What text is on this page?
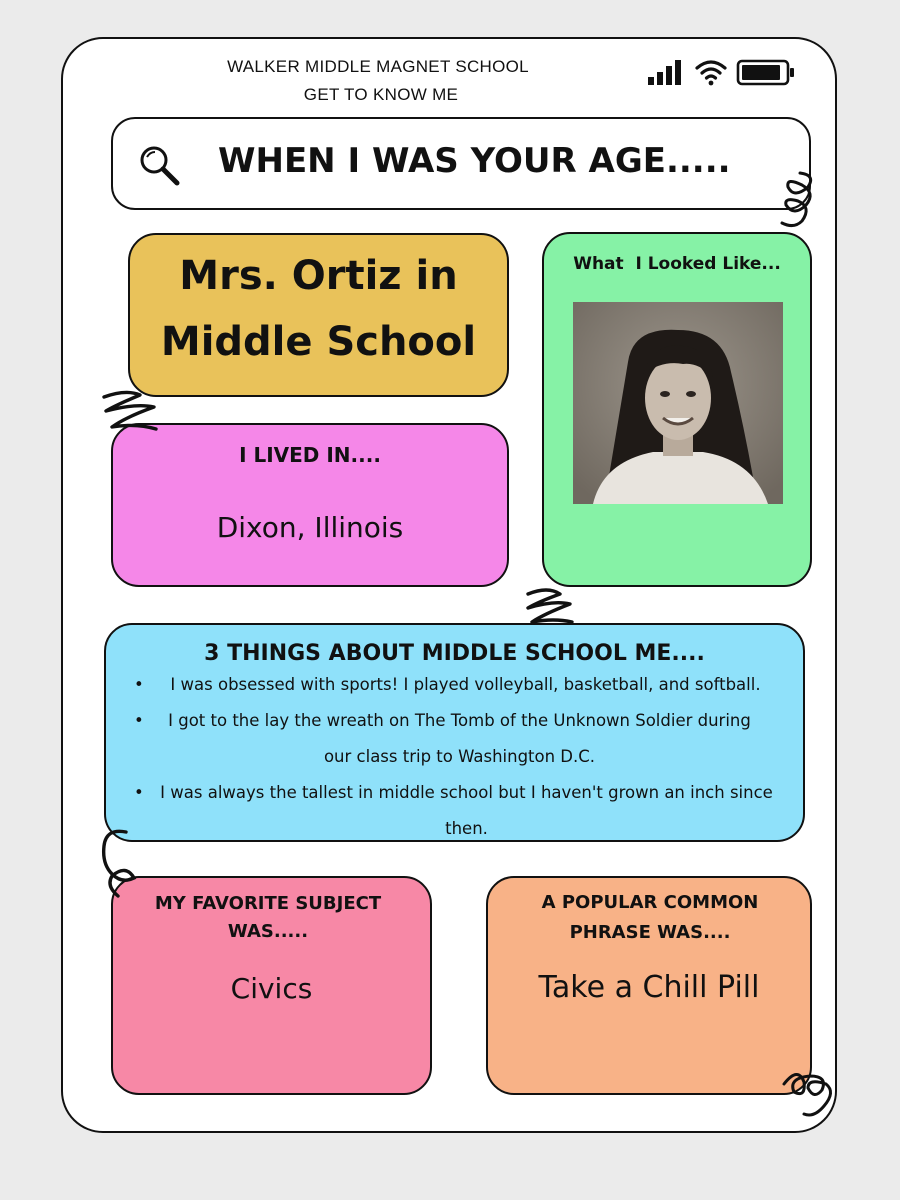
WALKER MIDDLE MAGNET SCHOOL
GET TO KNOW ME
WHEN I WAS YOUR AGE.....
Mrs. Ortiz in
Middle School
What  I Looked Like...
I LIVED IN....
Dixon, Illinois
3 THINGS ABOUT MIDDLE SCHOOL ME....
• I was obsessed with sports! I played volleyball, basketball, and softball.
• I got to the lay the wreath on The Tomb of the Unknown Soldier during our class trip to Washington D.C.
• I was always the tallest in middle school but I haven't grown an inch since then.
MY FAVORITE SUBJECT WAS.....
Civics
A POPULAR COMMON PHRASE WAS....
Take a Chill Pill
